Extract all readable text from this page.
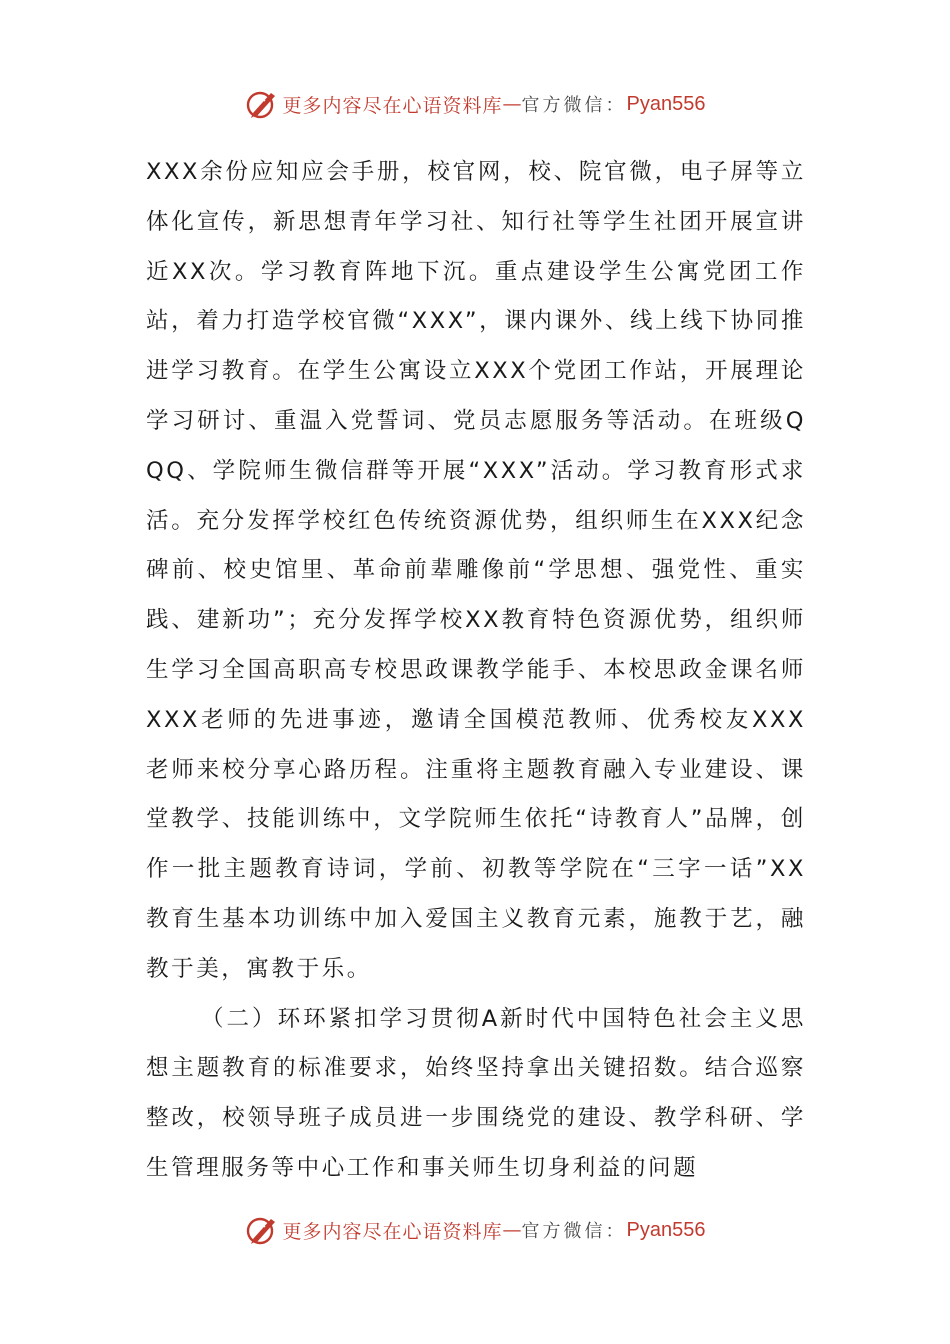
更多内容尽在心语资料库 — 官方微信： Pyan556

XXX余份应知应会手册，校官网，校、院官微，电子屏等立体化宣传，新思想青年学习社、知行社等学生社团开展宣讲近XX次。学习教育阵地下沉。重点建设学生公寓党团工作站，着力打造学校官微“XXX”，课内课外、线上线下协同推进学习教育。在学生公寓设立XXX个党团工作站，开展理论学习研讨、重温入党誓词、党员志愿服务等活动。在班级QQQ、学院师生微信群等开展“XXX”活动。学习教育形式求活。充分发挥学校红色传统资源优势，组织师生在XXX纪念碑前、校史馆里、革命前辈雕像前“学思想、强党性、重实践、建新功”；充分发挥学校XX教育特色资源优势，组织师生学习全国高职高专校思政课教学能手、本校思政金课名师XXX老师的先进事迹，邀请全国模范教师、优秀校友XXX老师来校分享心路历程。注重将主题教育融入专业建设、课堂教学、技能训练中，文学院师生依托“诗教育人”品牌，创作一批主题教育诗词，学前、初教等学院在“三字一话”XX教育生基本功训练中加入爱国主义教育元素，施教于艺，融教于美，寓教于乐。

（二）环环紧扣学习贯彻A新时代中国特色社会主义思想主题教育的标准要求，始终坚持拿出关键招数。结合巡察整改，校领导班子成员进一步围绕党的建设、教学科研、学生管理服务等中心工作和事关师生切身利益的问题

更多内容尽在心语资料库 — 官方微信： Pyan556
